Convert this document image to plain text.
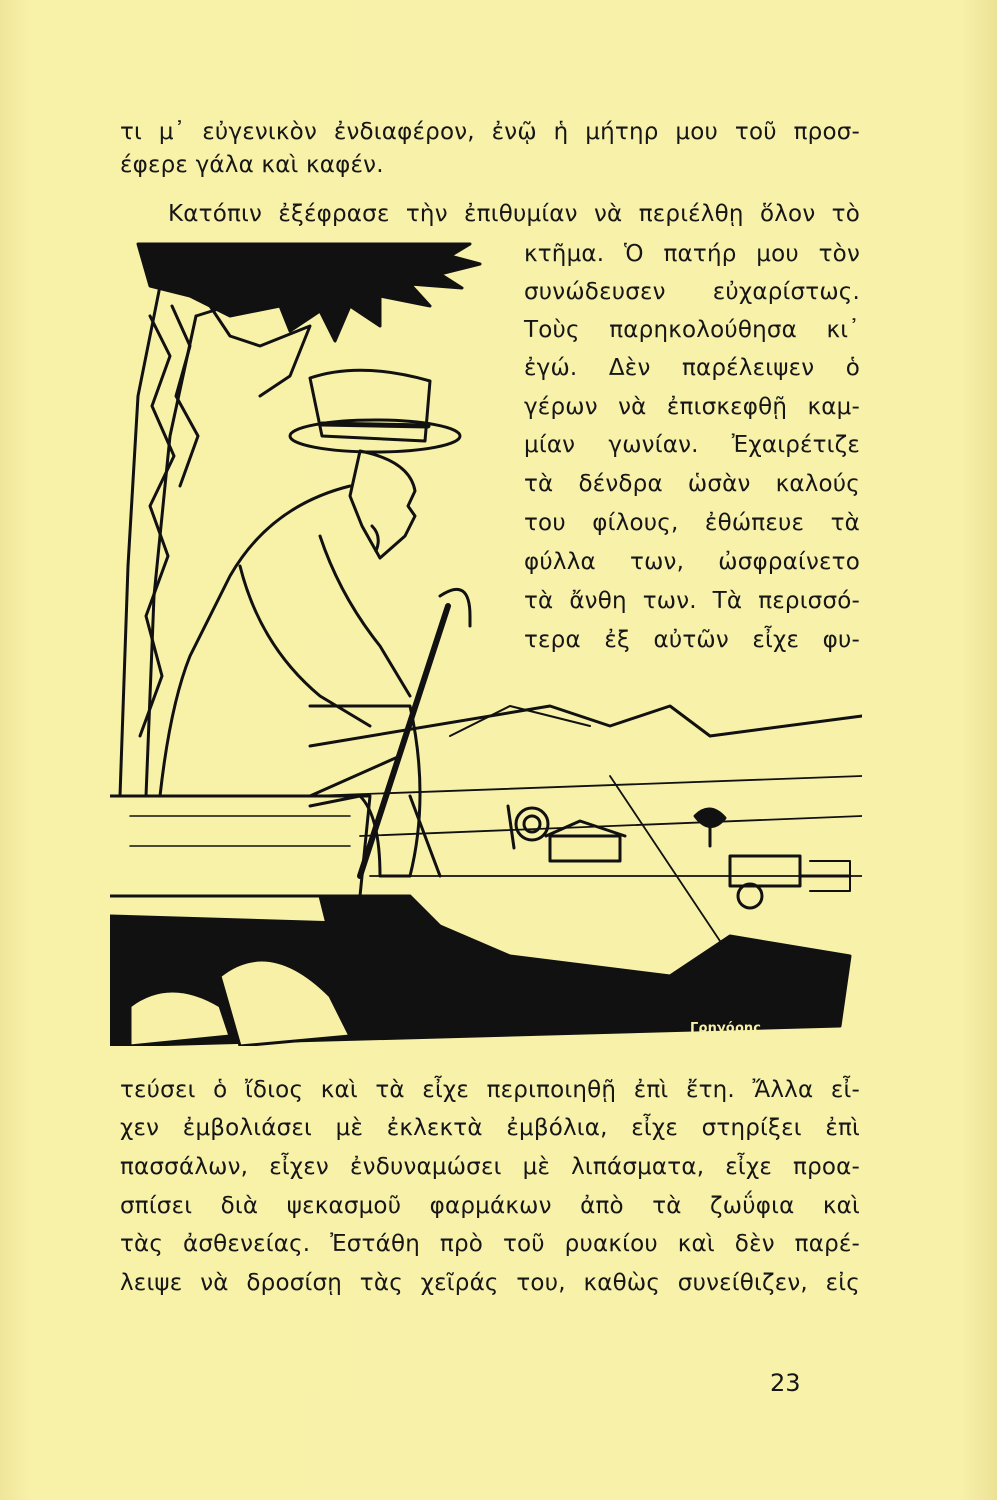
τι μ᾿ εὐγενικὸν ἐνδιαφέρον, ἐνῷ ἡ μήτηρ μου τοῦ προσ-
έφερε γάλα καὶ καφέν.
Κατόπιν ἐξέφρασε τὴν ἐπιθυμίαν νὰ περιέλθῃ ὅλον τὸ
κτῆμα. Ὁ πατήρ μου τὸν
συνώδευσεν εὐχαρίστως.
Τοὺς παρηκολούθησα κι᾿
ἐγώ. Δὲν παρέλειψεν ὁ
γέρων νὰ ἐπισκεφθῇ καμ-
μίαν γωνίαν. Ἐχαιρέτιζε
τὰ δένδρα ὡσὰν καλούς
του φίλους, ἐθώπευε τὰ
φύλλα των, ὠσφραίνετο
τὰ ἄνθη των. Τὰ περισσό-
τερα ἐξ αὐτῶν εἶχε φυ-
Γρηγόρης
τεύσει ὁ ἴδιος καὶ τὰ εἶχε περιποιηθῇ ἐπὶ ἔτη. Ἄλλα εἶ-
χεν ἐμβολιάσει μὲ ἐκλεκτὰ ἐμβόλια, εἶχε στηρίξει ἐπὶ
πασσάλων, εἶχεν ἐνδυναμώσει μὲ λιπάσματα, εἶχε προα-
σπίσει διὰ ψεκασμοῦ φαρμάκων ἀπὸ τὰ ζωΰφια καὶ
τὰς ἀσθενείας. Ἐστάθη πρὸ τοῦ ρυακίου καὶ δὲν παρέ-
λειψε νὰ δροσίσῃ τὰς χεῖράς του, καθὼς συνείθιζεν, εἰς
23
